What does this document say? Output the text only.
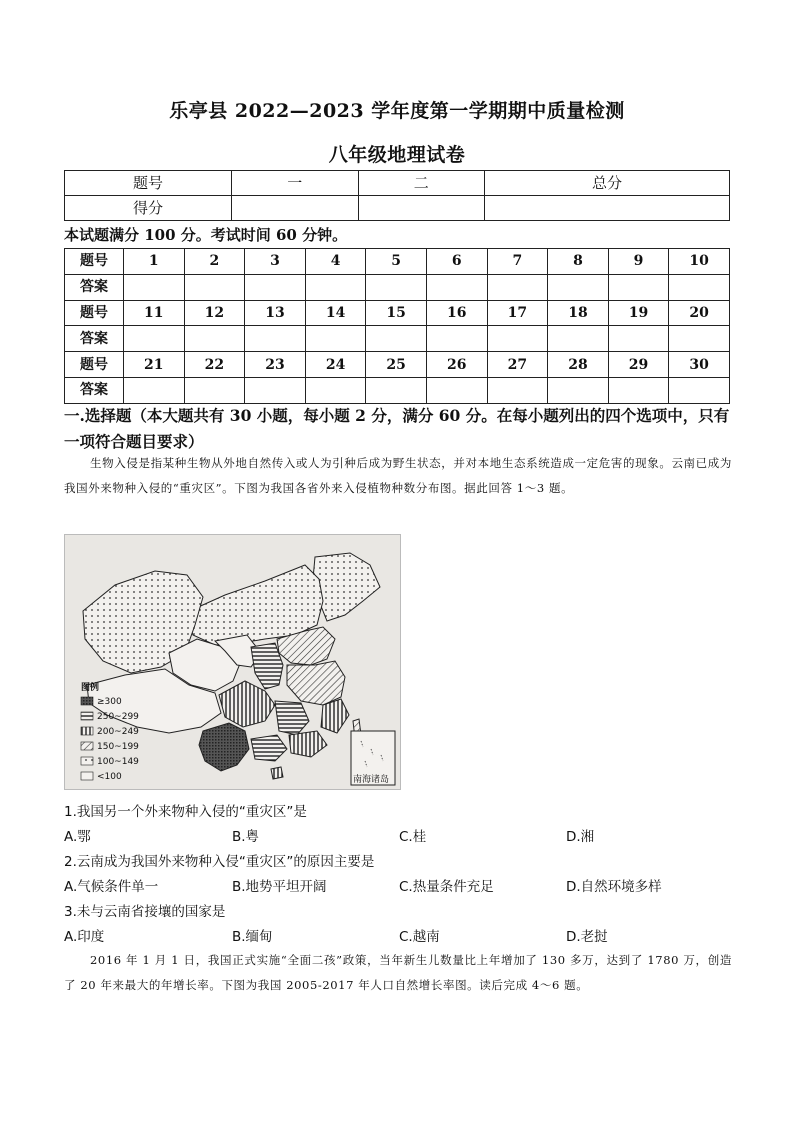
乐亭县 2022—2023 学年度第一学期期中质量检测
八年级地理试卷
题号	一	二	总分
得分			
本试题满分 100 分。考试时间 60 分钟。
题号	1	2	3	4	5	6	7	8	9	10
答案										
题号	11	12	13	14	15	16	17	18	19	20
答案										
题号	21	22	23	24	25	26	27	28	29	30
答案										
一.选择题（本大题共有 30 小题，每小题 2 分，满分 60 分。在每小题列出的四个选项中，只有一项符合题目要求）
生物入侵是指某种生物从外地自然传入或人为引种后成为野生状态，并对本地生态系统造成一定危害的现象。云南已成为我国外来物种入侵的“重灾区”。下图为我国各省外来入侵植物种数分布图。据此回答 1～3 题。
图例
≥300
250~299
200~249
150~199
100~149
<100	南海诸岛
1.我国另一个外来物种入侵的“重灾区”是
A.鄂	B.粤	C.桂	D.湘
2.云南成为我国外来物种入侵“重灾区”的原因主要是
A.气候条件单一	B.地势平坦开阔	C.热量条件充足	D.自然环境多样
3.未与云南省接壤的国家是
A.印度	B.缅甸	C.越南	D.老挝
2016 年 1 月 1 日，我国正式实施“全面二孩”政策，当年新生儿数量比上年增加了 130 多万，达到了 1780 万，创造了 20 年来最大的年增长率。下图为我国 2005-2017 年人口自然增长率图。读后完成 4～6 题。
